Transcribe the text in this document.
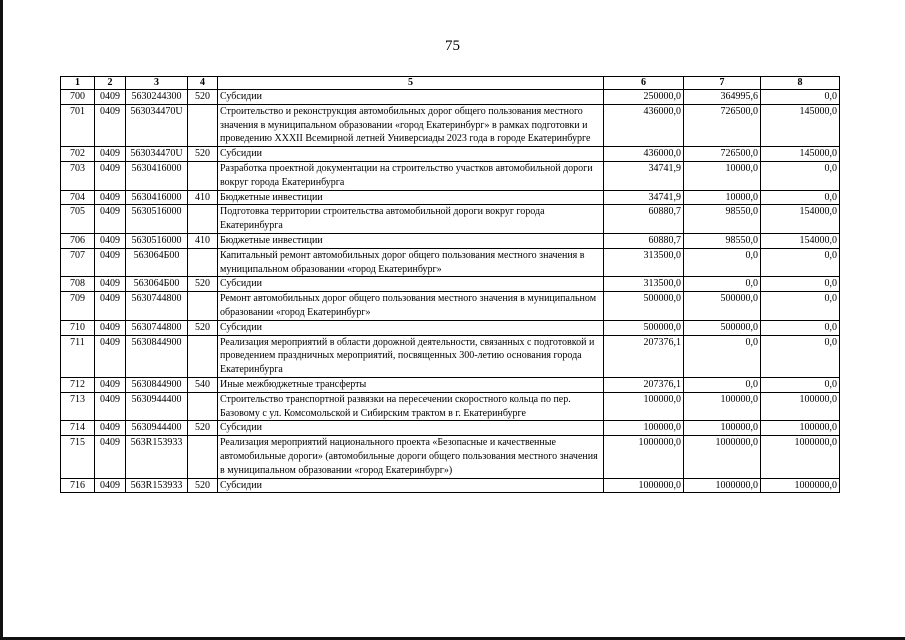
75
1	2	3	4	5	6	7	8
700	0409	5630244300	520	Субсидии	250000,0	364995,6	0,0
701	0409	563034470U		Строительство и реконструкция автомобильных дорог общего пользования местного значения в муниципальном образовании «город Екатеринбург» в рамках подготовки и проведению XXXII Всемирной летней Универсиады 2023 года в городе Екатеринбурге	436000,0	726500,0	145000,0
702	0409	563034470U	520	Субсидии	436000,0	726500,0	145000,0
703	0409	5630416000		Разработка проектной документации на строительство участков автомобильной дороги вокруг города Екатеринбурга	34741,9	10000,0	0,0
704	0409	5630416000	410	Бюджетные инвестиции	34741,9	10000,0	0,0
705	0409	5630516000		Подготовка территории строительства автомобильной дороги вокруг города Екатеринбурга	60880,7	98550,0	154000,0
706	0409	5630516000	410	Бюджетные инвестиции	60880,7	98550,0	154000,0
707	0409	563064Б00		Капитальный ремонт автомобильных дорог общего пользования местного значения в муниципальном образовании «город Екатеринбург»	313500,0	0,0	0,0
708	0409	563064Б00	520	Субсидии	313500,0	0,0	0,0
709	0409	5630744800		Ремонт автомобильных дорог общего пользования местного значения в муниципальном образовании «город Екатеринбург»	500000,0	500000,0	0,0
710	0409	5630744800	520	Субсидии	500000,0	500000,0	0,0
711	0409	5630844900		Реализация мероприятий в области дорожной деятельности, связанных с подготовкой и проведением праздничных мероприятий, посвященных 300-летию основания города Екатеринбурга	207376,1	0,0	0,0
712	0409	5630844900	540	Иные межбюджетные трансферты	207376,1	0,0	0,0
713	0409	5630944400		Строительство транспортной развязки на пересечении скоростного кольца по пер. Базовому с ул. Комсомольской и Сибирским трактом в г. Екатеринбурге	100000,0	100000,0	100000,0
714	0409	5630944400	520	Субсидии	100000,0	100000,0	100000,0
715	0409	563R153933		Реализация мероприятий национального проекта «Безопасные и качественные автомобильные дороги» (автомобильные дороги общего пользования местного значения в муниципальном образовании «город Екатеринбург»)	1000000,0	1000000,0	1000000,0
716	0409	563R153933	520	Субсидии	1000000,0	1000000,0	1000000,0
